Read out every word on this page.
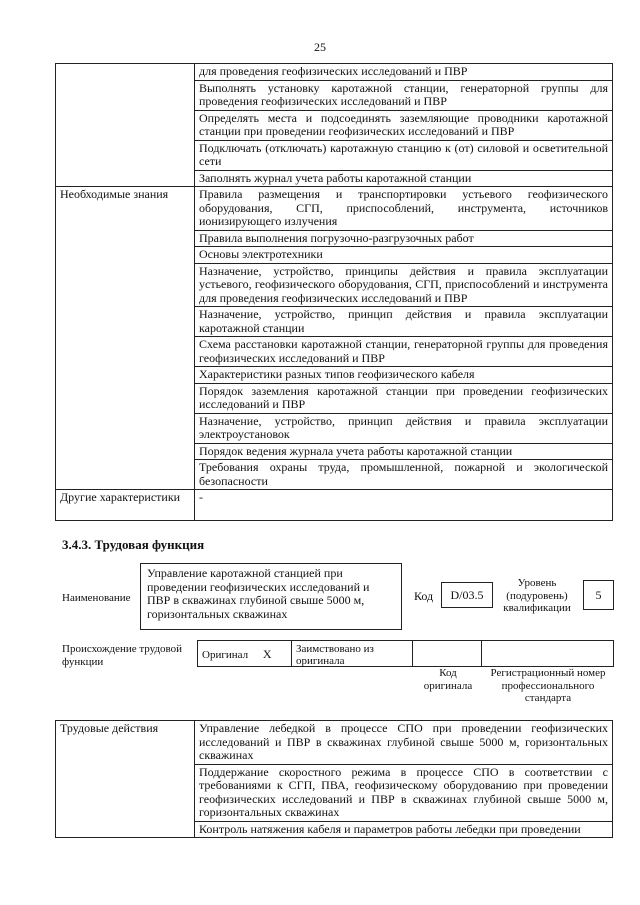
25
	для проведения геофизических исследований и ПВР
	Выполнять установку каротажной станции, генераторной группы для проведения геофизических исследований и ПВР
	Определять места и подсоединять заземляющие проводники каротажной станции при проведении геофизических исследований и ПВР
	Подключать (отключать) каротажную станцию к (от) силовой и осветительной сети
	Заполнять журнал учета работы каротажной станции
Необходимые знания	Правила размещения и транспортировки устьевого геофизического оборудования, СГП, приспособлений, инструмента, источников ионизирующего излучения
	Правила выполнения погрузочно-разгрузочных работ
	Основы электротехники
	Назначение, устройство, принципы действия и правила эксплуатации устьевого, геофизического оборудования, СГП, приспособлений и инструмента для проведения геофизических исследований и ПВР
	Назначение, устройство, принцип действия и правила эксплуатации каротажной станции
	Схема расстановки каротажной станции, генераторной группы для проведения геофизических исследований и ПВР
	Характеристики разных типов геофизического кабеля
	Порядок заземления каротажной станции при проведении геофизических исследований и ПВР
	Назначение, устройство, принцип действия и правила эксплуатации электроустановок
	Порядок ведения журнала учета работы каротажной станции
	Требования охраны труда, промышленной, пожарной и экологической безопасности
Другие характеристики	-
3.4.3. Трудовая функция
Наименование
Управление каротажной станцией при проведении геофизических исследований и ПВР в скважинах глубиной свыше 5000 м, горизонтальных скважинах
Код	D/03.5
Уровень (подуровень) квалификации
5
Происхождение трудовой функции
Оригинал X	Заимствовано из оригинала
Код оригинала
Регистрационный номер профессионального стандарта
Трудовые действия	Управление лебедкой в процессе СПО при проведении геофизических исследований и ПВР в скважинах глубиной свыше 5000 м, горизонтальных скважинах
Поддержание скоростного режима в процессе СПО в соответствии с требованиями к СГП, ПВА, геофизическому оборудованию при проведении геофизических исследований и ПВР в скважинах глубиной свыше 5000 м, горизонтальных скважинах
Контроль натяжения кабеля и параметров работы лебедки при проведении
